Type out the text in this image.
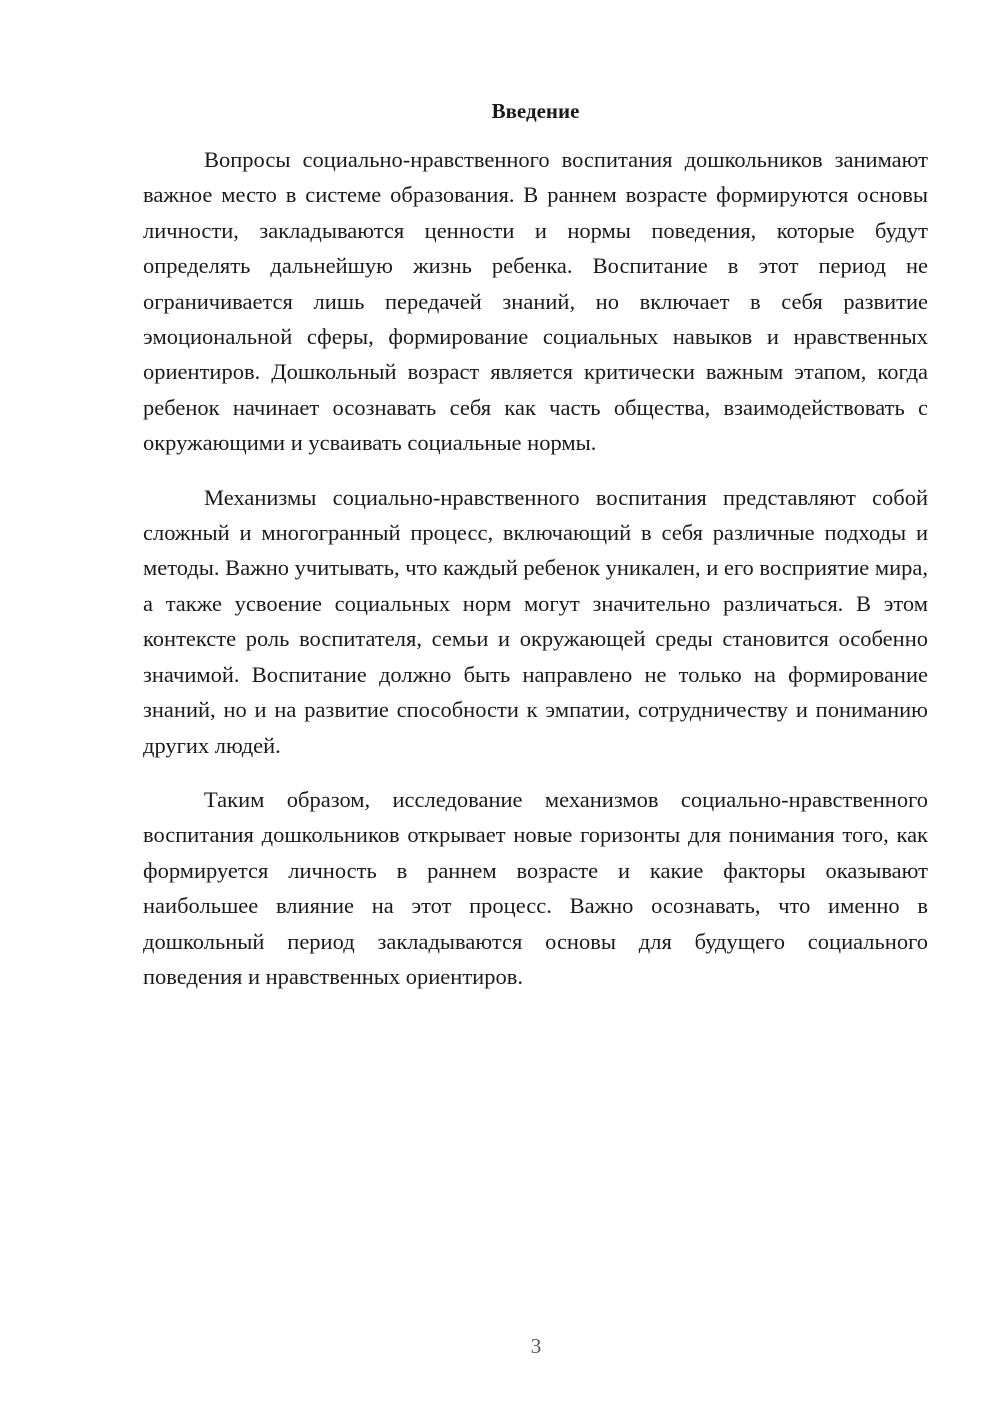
Введение

Вопросы социально-нравственного воспитания дошкольников занимают важное место в системе образования. В раннем возрасте формируются основы личности, закладываются ценности и нормы поведения, которые будут определять дальнейшую жизнь ребенка. Воспитание в этот период не ограничивается лишь передачей знаний, но включает в себя развитие эмоциональной сферы, формирование социальных навыков и нравственных ориентиров. Дошкольный возраст является критически важным этапом, когда ребенок начинает осознавать себя как часть общества, взаимодействовать с окружающими и усваивать социальные нормы.

Механизмы социально-нравственного воспитания представляют собой сложный и многогранный процесс, включающий в себя различные подходы и методы. Важно учитывать, что каждый ребенок уникален, и его восприятие мира, а также усвоение социальных норм могут значительно различаться. В этом контексте роль воспитателя, семьи и окружающей среды становится особенно значимой. Воспитание должно быть направлено не только на формирование знаний, но и на развитие способности к эмпатии, сотрудничеству и пониманию других людей.

Таким образом, исследование механизмов социально-нравственного воспитания дошкольников открывает новые горизонты для понимания того, как формируется личность в раннем возрасте и какие факторы оказывают наибольшее влияние на этот процесс. Важно осознавать, что именно в дошкольный период закладываются основы для будущего социального поведения и нравственных ориентиров.

3
